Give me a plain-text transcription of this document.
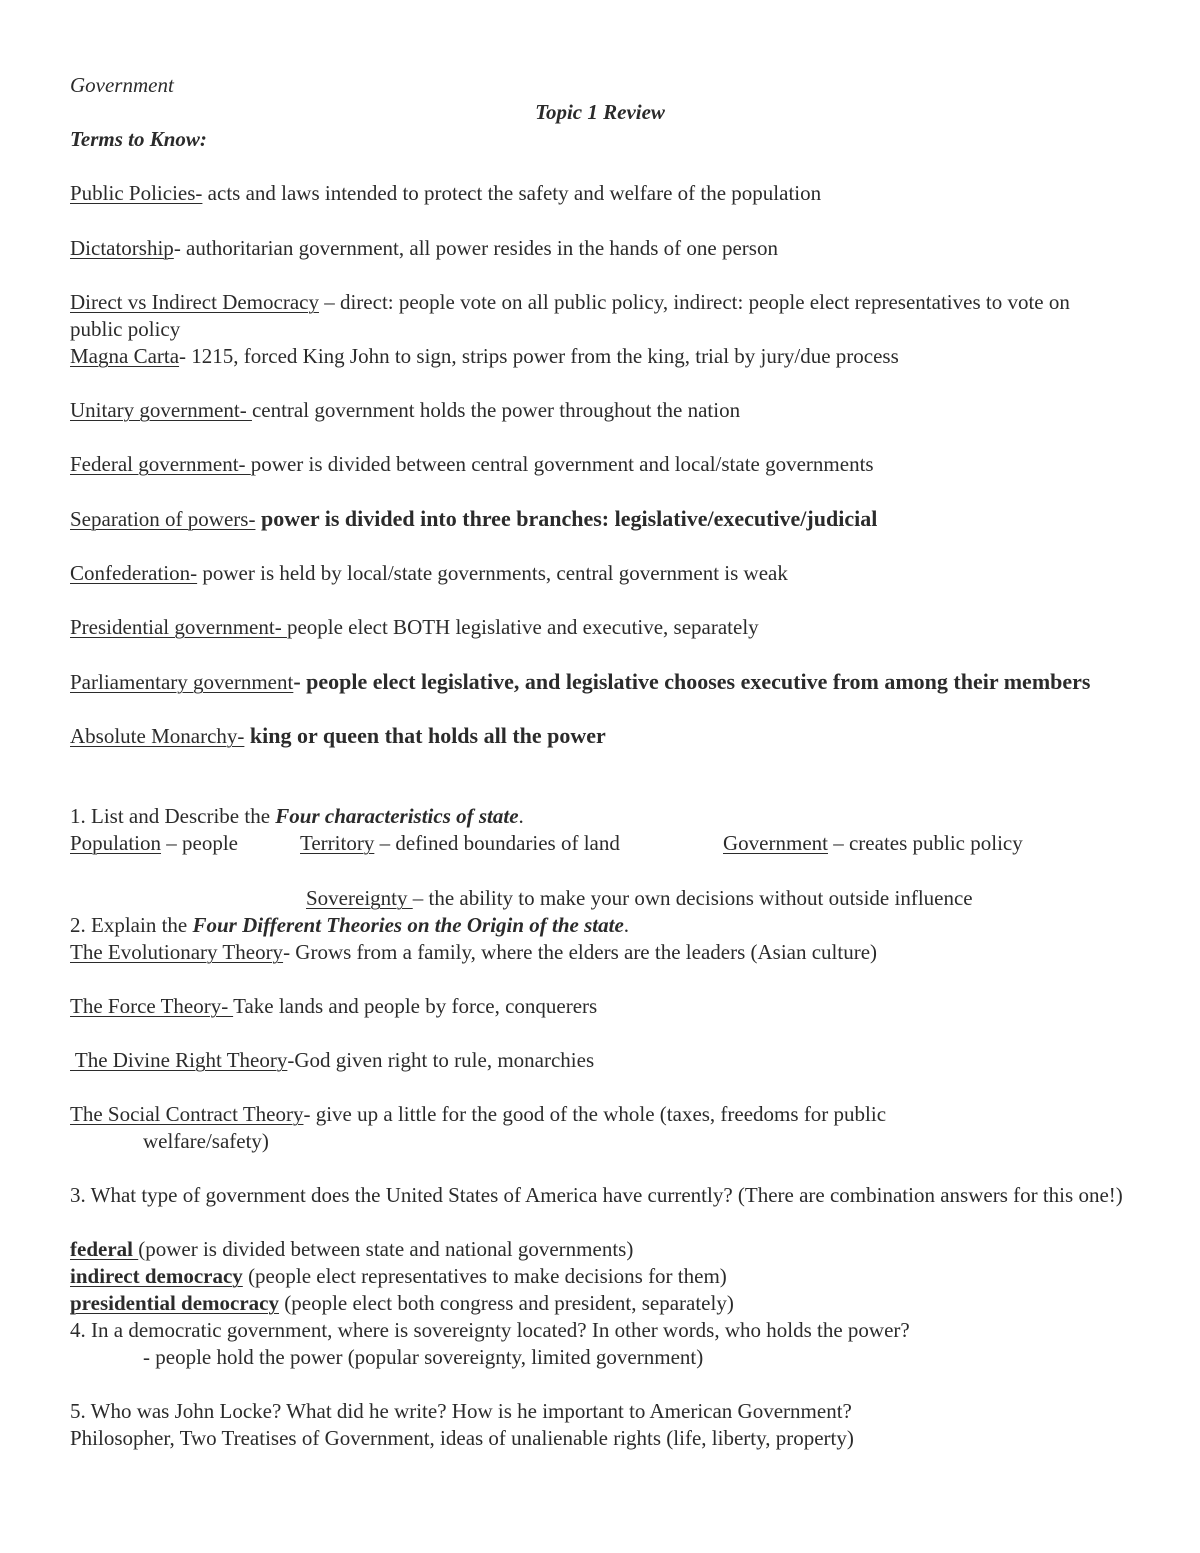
Government
Topic 1 Review
Terms to Know:
Public Policies- acts and laws intended to protect the safety and welfare of the population
Dictatorship- authoritarian government, all power resides in the hands of one person
Direct vs Indirect Democracy – direct: people vote on all public policy, indirect: people elect representatives to vote on public policy
Magna Carta- 1215, forced King John to sign, strips power from the king, trial by jury/due process
Unitary government- central government holds the power throughout the nation
Federal government- power is divided between central government and local/state governments
Separation of powers- power is divided into three branches: legislative/executive/judicial
Confederation- power is held by local/state governments, central government is weak
Presidential government- people elect BOTH legislative and executive, separately
Parliamentary government- people elect legislative, and legislative chooses executive from among their members
Absolute Monarchy- king or queen that holds all the power
1. List and Describe the Four characteristics of state.
Population – people	Territory – defined boundaries of land	Government – creates public policy
Sovereignty – the ability to make your own decisions without outside influence
2. Explain the Four Different Theories on the Origin of the state.
The Evolutionary Theory- Grows from a family, where the elders are the leaders (Asian culture)
The Force Theory- Take lands and people by force, conquerers
The Divine Right Theory-God given right to rule, monarchies
The Social Contract Theory- give up a little for the good of the whole (taxes, freedoms for public
welfare/safety)
3. What type of government does the United States of America have currently? (There are combination answers for this one!)
federal (power is divided between state and national governments)
indirect democracy (people elect representatives to make decisions for them)
presidential democracy (people elect both congress and president, separately)
4. In a democratic government, where is sovereignty located? In other words, who holds the power?
- people hold the power (popular sovereignty, limited government)
5. Who was John Locke? What did he write? How is he important to American Government?
Philosopher, Two Treatises of Government, ideas of unalienable rights (life, liberty, property)
